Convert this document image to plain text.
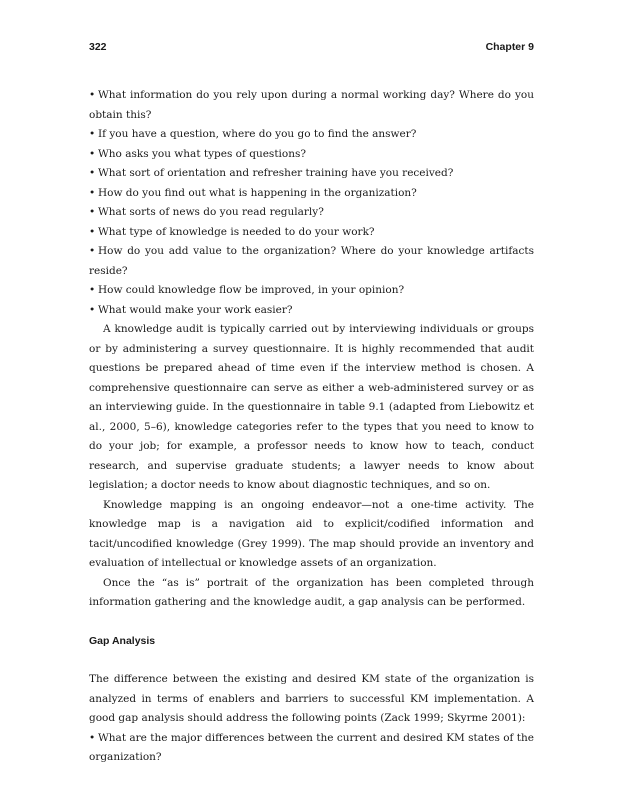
322	Chapter 9
• What information do you rely upon during a normal working day? Where do you obtain this?
• If you have a question, where do you go to find the answer?
• Who asks you what types of questions?
• What sort of orientation and refresher training have you received?
• How do you find out what is happening in the organization?
• What sorts of news do you read regularly?
• What type of knowledge is needed to do your work?
• How do you add value to the organization? Where do your knowledge artifacts reside?
• How could knowledge flow be improved, in your opinion?
• What would make your work easier?

A knowledge audit is typically carried out by interviewing individuals or groups or by administering a survey questionnaire. It is highly recommended that audit questions be prepared ahead of time even if the interview method is chosen. A comprehensive questionnaire can serve as either a web-administered survey or as an interviewing guide. In the questionnaire in table 9.1 (adapted from Liebowitz et al., 2000, 5–6), knowledge categories refer to the types that you need to know to do your job; for example, a professor needs to know how to teach, conduct research, and supervise graduate students; a lawyer needs to know about legislation; a doctor needs to know about diagnostic techniques, and so on.

Knowledge mapping is an ongoing endeavor—not a one-time activity. The knowledge map is a navigation aid to explicit/codified information and tacit/uncodified knowledge (Grey 1999). The map should provide an inventory and evaluation of intellectual or knowledge assets of an organization.

Once the “as is” portrait of the organization has been completed through information gathering and the knowledge audit, a gap analysis can be performed.

Gap Analysis

The difference between the existing and desired KM state of the organization is analyzed in terms of enablers and barriers to successful KM implementation. A good gap analysis should address the following points (Zack 1999; Skyrme 2001):

• What are the major differences between the current and desired KM states of the organization?
